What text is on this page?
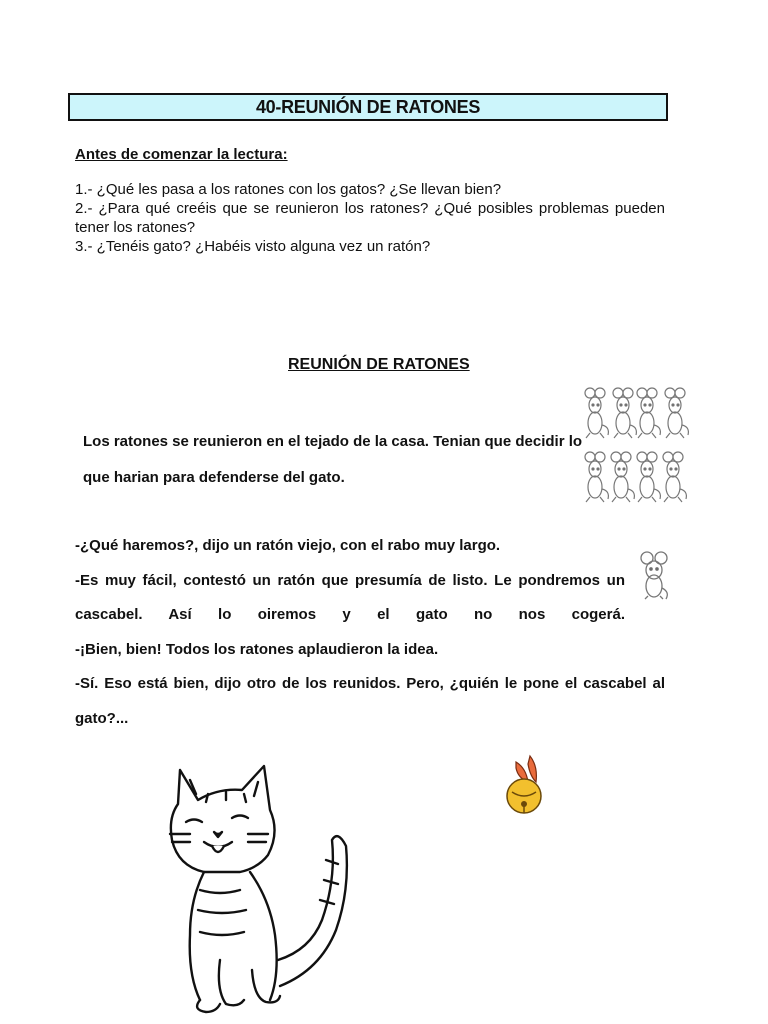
40-REUNIÓN DE RATONES
Antes de comenzar la lectura:

1.- ¿Qué les pasa a los ratones con los gatos? ¿Se llevan bien?

2.- ¿Para qué creéis que se reunieron los ratones? ¿Qué posibles problemas pueden tener los ratones?

3.- ¿Tenéis gato? ¿Habéis visto alguna vez un ratón?

REUNIÓN DE RATONES
Los ratones se reunieron en el tejado de la casa. Tenian que decidir lo que harian para defenderse del gato.

-¿Qué haremos?, dijo un ratón viejo, con el rabo muy largo.

-Es muy fácil, contestó un ratón que presumía de listo. Le pondremos un cascabel. Así lo oiremos y el gato no nos cogerá.

-¡Bien, bien! Todos los ratones aplaudieron la idea.

-Sí. Eso está bien, dijo otro de los reunidos. Pero, ¿quién le pone el cascabel al gato?...
